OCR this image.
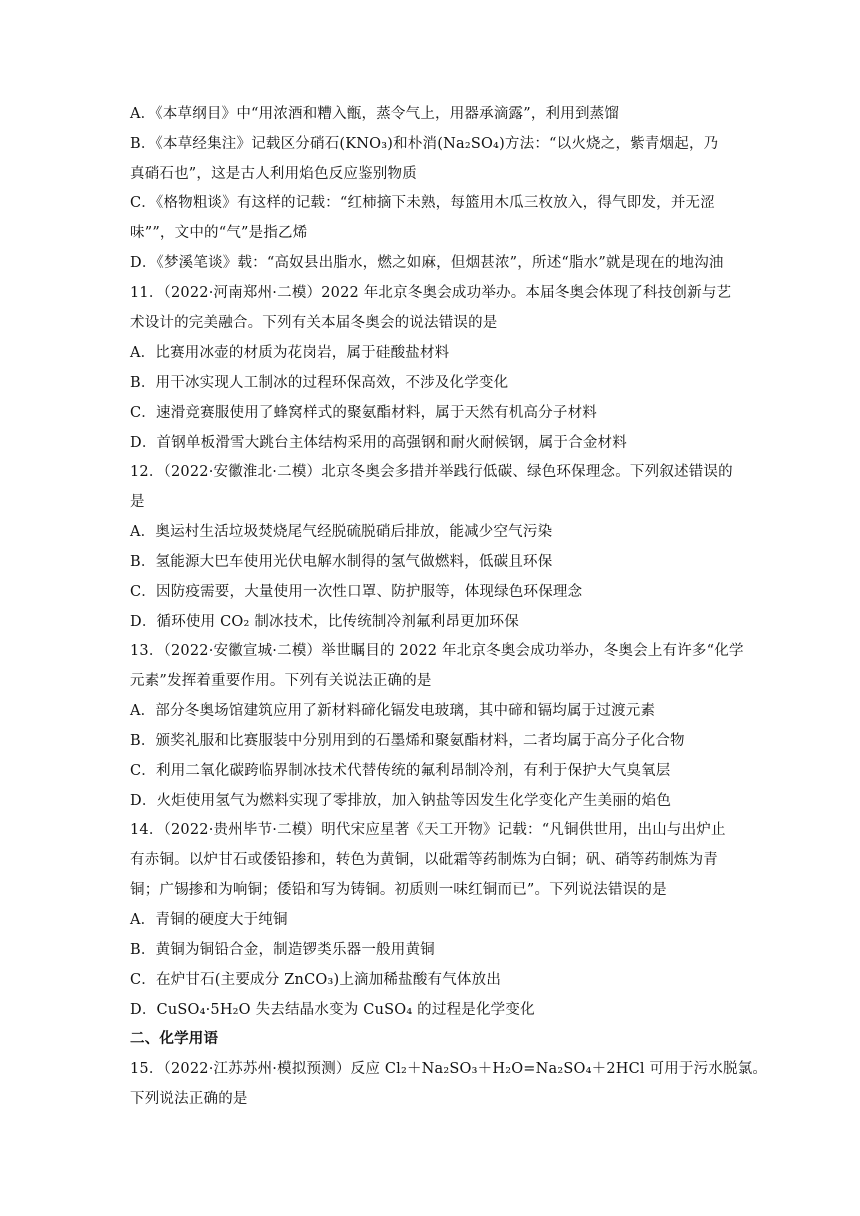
A．《本草纲目》中“用浓酒和糟入甑，蒸令气上，用器承滴露”，利用到蒸馏
B．《本草经集注》记载区分硝石(KNO₃)和朴消(Na₂SO₄)方法：“以火烧之，紫青烟起，乃
真硝石也”，这是古人利用焰色反应鉴别物质
C．《格物粗谈》有这样的记载：“红柿摘下未熟，每篮用木瓜三枚放入，得气即发，并无涩
味””，文中的“气”是指乙烯
D．《梦溪笔谈》载：“高奴县出脂水，燃之如麻，但烟甚浓”，所述“脂水”就是现在的地沟油
11．（2022·河南郑州·二模）2022 年北京冬奥会成功举办。本届冬奥会体现了科技创新与艺
术设计的完美融合。下列有关本届冬奥会的说法错误的是
A．比赛用冰壶的材质为花岗岩，属于硅酸盐材料
B．用干冰实现人工制冰的过程环保高效，不涉及化学变化
C．速滑竞赛服使用了蜂窝样式的聚氨酯材料，属于天然有机高分子材料
D．首钢单板滑雪大跳台主体结构采用的高强钢和耐火耐候钢，属于合金材料
12．（2022·安徽淮北·二模）北京冬奥会多措并举践行低碳、绿色环保理念。下列叙述错误的
是
A．奥运村生活垃圾焚烧尾气经脱硫脱硝后排放，能减少空气污染
B．氢能源大巴车使用光伏电解水制得的氢气做燃料，低碳且环保
C．因防疫需要，大量使用一次性口罩、防护服等，体现绿色环保理念
D．循环使用 CO₂ 制冰技术，比传统制冷剂氟利昂更加环保
13．（2022·安徽宣城·二模）举世瞩目的 2022 年北京冬奥会成功举办，冬奥会上有许多“化学
元素”发挥着重要作用。下列有关说法正确的是
A．部分冬奥场馆建筑应用了新材料碲化镉发电玻璃，其中碲和镉均属于过渡元素
B．颁奖礼服和比赛服装中分别用到的石墨烯和聚氨酯材料，二者均属于高分子化合物
C．利用二氧化碳跨临界制冰技术代替传统的氟利昂制冷剂，有利于保护大气臭氧层
D．火炬使用氢气为燃料实现了零排放，加入钠盐等因发生化学变化产生美丽的焰色
14．（2022·贵州毕节·二模）明代宋应星著《天工开物》记载：“凡铜供世用，出山与出炉止
有赤铜。以炉甘石或倭铅掺和，转色为黄铜，以砒霜等药制炼为白铜；矾、硝等药制炼为青
铜；广锡掺和为响铜；倭铅和写为铸铜。初质则一味红铜而已”。下列说法错误的是
A．青铜的硬度大于纯铜
B．黄铜为铜铅合金，制造锣类乐器一般用黄铜
C．在炉甘石(主要成分 ZnCO₃)上滴加稀盐酸有气体放出
D．CuSO₄·5H₂O 失去结晶水变为 CuSO₄ 的过程是化学变化
二、化学用语
15．（2022·江苏苏州·模拟预测）反应 Cl₂＋Na₂SO₃＋H₂O=Na₂SO₄＋2HCl 可用于污水脱氯。
下列说法正确的是
